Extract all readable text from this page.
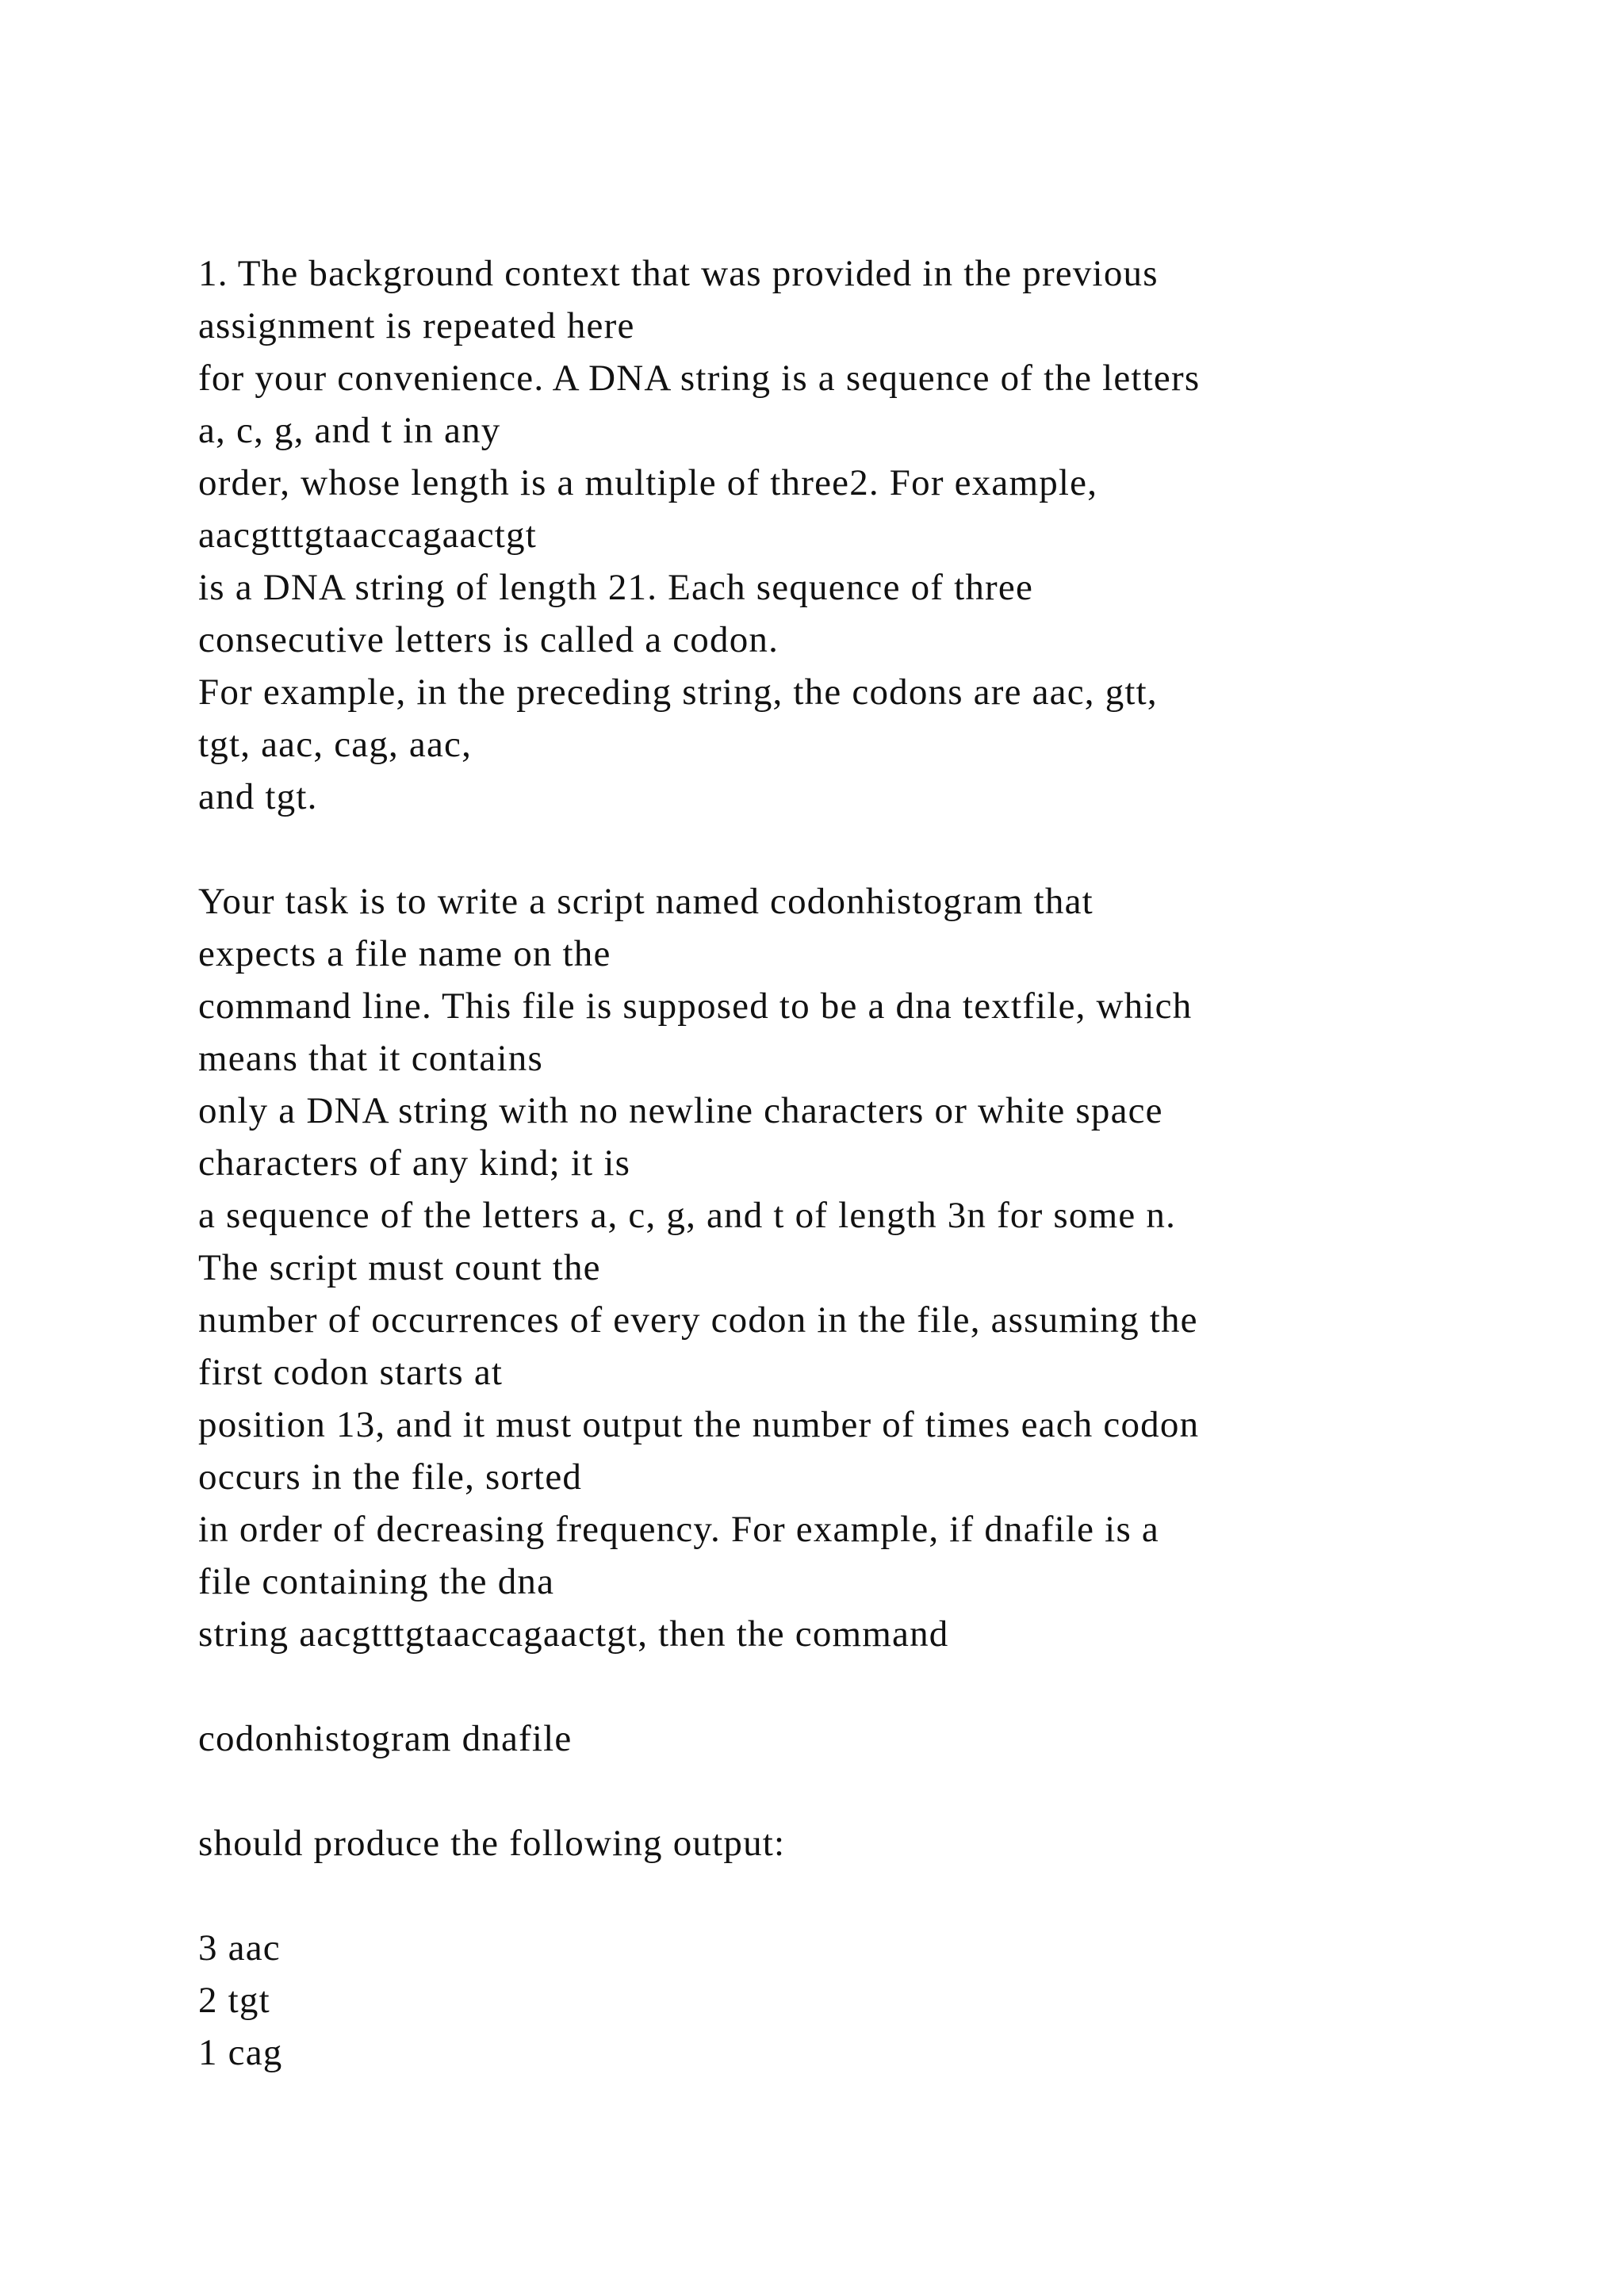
1. The background context that was provided in the previous
assignment is repeated here
for your convenience. A DNA string is a sequence of the letters
a, c, g, and t in any
order, whose length is a multiple of three2. For example,
aacgtttgtaaccagaactgt
is a DNA string of length 21. Each sequence of three
consecutive letters is called a codon.
For example, in the preceding string, the codons are aac, gtt,
tgt, aac, cag, aac,
and tgt.
Your task is to write a script named codonhistogram that
expects a file name on the
command line. This file is supposed to be a dna textfile, which
means that it contains
only a DNA string with no newline characters or white space
characters of any kind; it is
a sequence of the letters a, c, g, and t of length 3n for some n.
The script must count the
number of occurrences of every codon in the file, assuming the
first codon starts at
position 13, and it must output the number of times each codon
occurs in the file, sorted
in order of decreasing frequency. For example, if dnafile is a
file containing the dna
string aacgtttgtaaccagaactgt, then the command
codonhistogram dnafile
should produce the following output:
3 aac
2 tgt
1 cag
